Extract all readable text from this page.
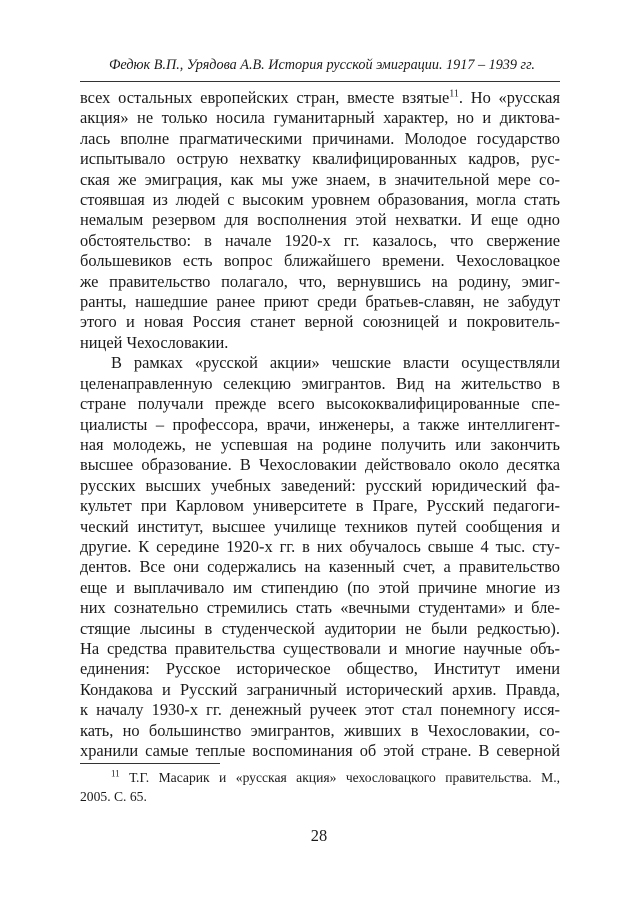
Федюк В.П., Урядова А.В. История русской эмиграции. 1917 – 1939 гг.

всех остальных европейских стран, вместе взятые$^{11}$. Но «русская

акция» не только носила гуманитарный характер, но и диктова-

лась вполне прагматическими причинами. Молодое государство

испытывало острую нехватку квалифицированных кадров, рус-

ская же эмиграция, как мы уже знаем, в значительной мере со-

стоявшая из людей с высоким уровнем образования, могла стать

немалым резервом для восполнения этой нехватки. И еще одно

обстоятельство: в начале 1920-х гг. казалось, что свержение

большевиков есть вопрос ближайшего времени. Чехословацкое

же правительство полагало, что, вернувшись на родину, эмиг-

ранты, нашедшие ранее приют среди братьев-славян, не забудут

этого и новая Россия станет верной союзницей и покровитель-

ницей Чехословакии.

В рамках «русской акции» чешские власти осуществляли

целенаправленную селекцию эмигрантов. Вид на жительство в

стране получали прежде всего высококвалифицированные спе-

циалисты – профессора, врачи, инженеры, а также интеллигент-

ная молодежь, не успевшая на родине получить или закончить

высшее образование. В Чехословакии действовало около десятка

русских высших учебных заведений: русский юридический фа-

культет при Карловом университете в Праге, Русский педагоги-

ческий институт, высшее училище техников путей сообщения и

другие. К середине 1920-х гг. в них обучалось свыше 4 тыс. сту-

дентов. Все они содержались на казенный счет, а правительство

еще и выплачивало им стипендию (по этой причине многие из

них сознательно стремились стать «вечными студентами» и бле-

стящие лысины в студенческой аудитории не были редкостью).

На средства правительства существовали и многие научные объ-

единения: Русское историческое общество, Институт имени

Кондакова и Русский заграничный исторический архив. Правда,

к началу 1930-х гг. денежный ручеек этот стал понемногу исся-

кать, но большинство эмигрантов, живших в Чехословакии, со-

хранили самые теплые воспоминания об этой стране. В северной

$^{11}$ Т.Г. Масарик и «русская акция» чехословацкого правительства. М.,

2005. С. 65.

28
